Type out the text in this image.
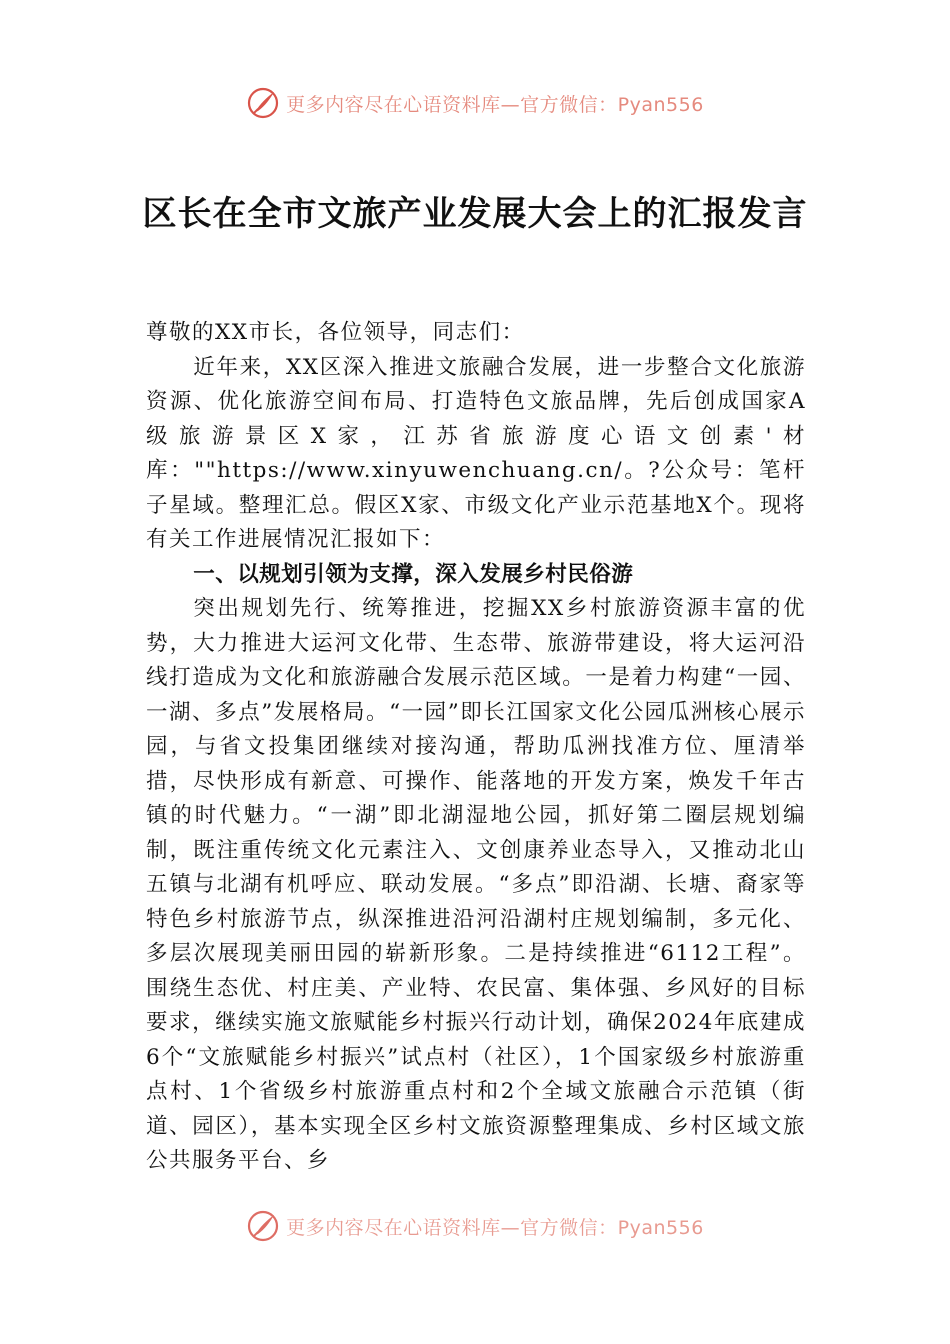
更多内容尽在心语资料库—官方微信：Pyan556
区长在全市文旅产业发展大会上的汇报发言

尊敬的XX市长，各位领导，同志们：

近年来，XX区深入推进文旅融合发展，进一步整合文化旅游资源、优化旅游空间布局、打造特色文旅品牌，先后创成国家A级旅游景区X家，江苏省旅游度心语文创素'材库：""https://www.xinyuwenchuang.cn/。?公众号：笔杆子星域。整理汇总。假区X家、市级文化产业示范基地X个。现将有关工作进展情况汇报如下：

一、以规划引领为支撑，深入发展乡村民俗游

突出规划先行、统筹推进，挖掘XX乡村旅游资源丰富的优势，大力推进大运河文化带、生态带、旅游带建设，将大运河沿线打造成为文化和旅游融合发展示范区域。一是着力构建“一园、一湖、多点”发展格局。“一园”即长江国家文化公园瓜洲核心展示园，与省文投集团继续对接沟通，帮助瓜洲找准方位、厘清举措，尽快形成有新意、可操作、能落地的开发方案，焕发千年古镇的时代魅力。“一湖”即北湖湿地公园，抓好第二圈层规划编制，既注重传统文化元素注入、文创康养业态导入，又推动北山五镇与北湖有机呼应、联动发展。“多点”即沿湖、长塘、裔家等特色乡村旅游节点，纵深推进沿河沿湖村庄规划编制，多元化、多层次展现美丽田园的崭新形象。二是持续推进“6112工程”。围绕生态优、村庄美、产业特、农民富、集体强、乡风好的目标要求，继续实施文旅赋能乡村振兴行动计划，确保2024年底建成6个“文旅赋能乡村振兴”试点村（社区），1个国家级乡村旅游重点村、1个省级乡村旅游重点村和2个全域文旅融合示范镇（街道、园区），基本实现全区乡村文旅资源整理集成、乡村区域文旅公共服务平台、乡

更多内容尽在心语资料库—官方微信：Pyan556
